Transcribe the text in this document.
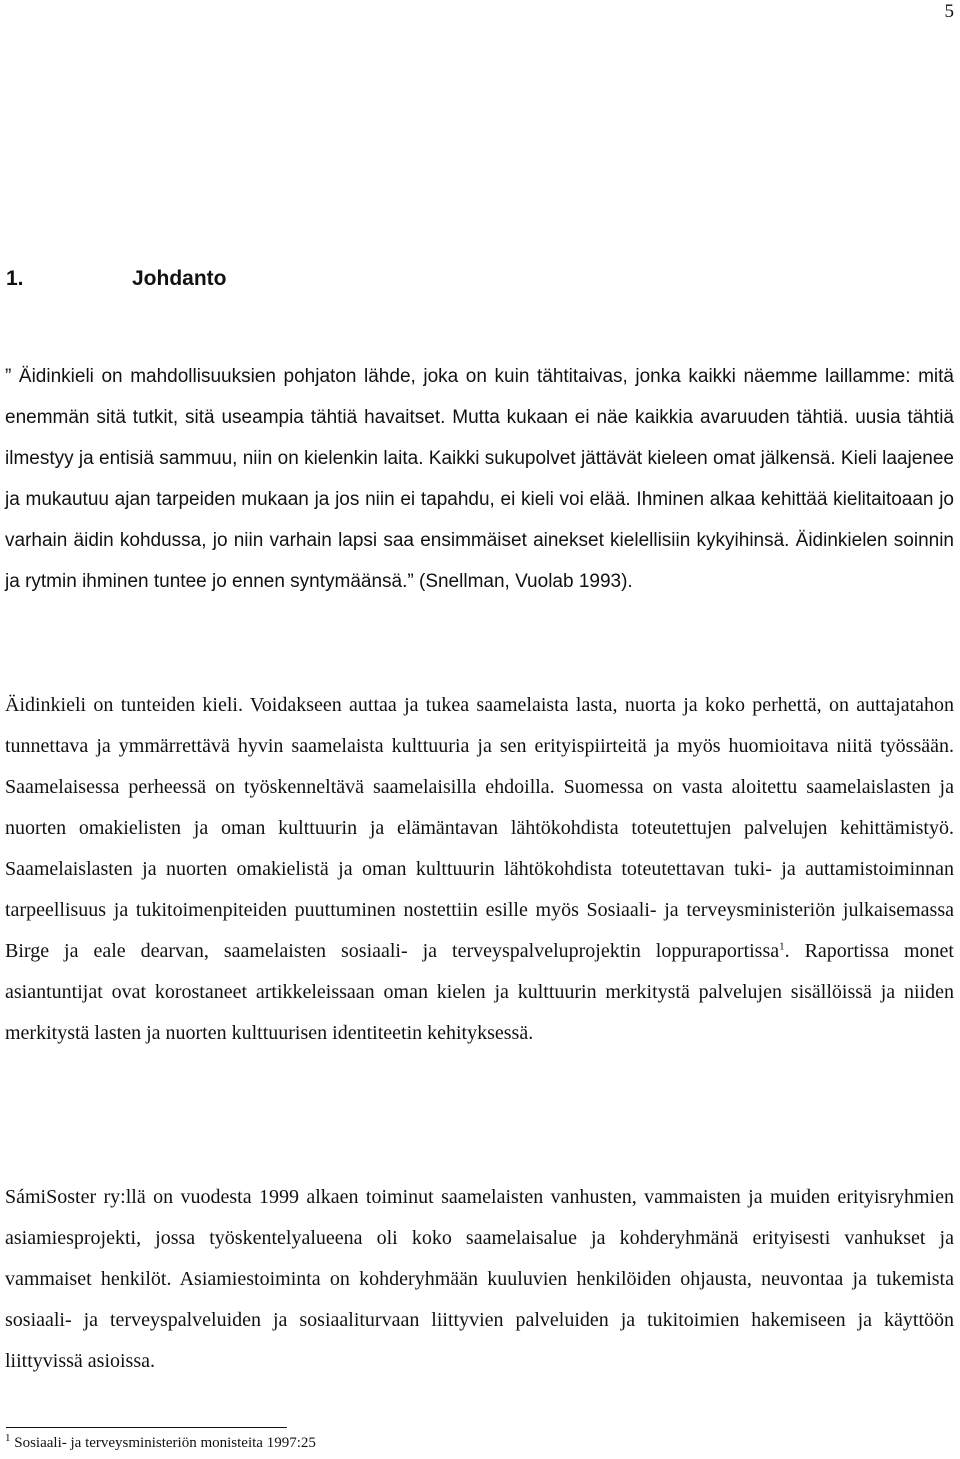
5
1.	Johdanto

” Äidinkieli on mahdollisuuksien pohjaton lähde, joka on kuin tähtitaivas, jonka kaikki näemme laillamme: mitä enemmän sitä tutkit, sitä useampia tähtiä havaitset. Mutta kukaan ei näe kaikkia avaruuden tähtiä. uusia tähtiä ilmestyy ja entisiä sammuu, niin on kielenkin laita. Kaikki sukupolvet jättävät kieleen omat jälkensä. Kieli laajenee ja mukautuu ajan tarpeiden mukaan ja jos niin ei tapahdu, ei kieli voi elää. Ihminen alkaa kehittää kielitaitoaan jo varhain äidin kohdussa, jo niin varhain lapsi saa ensimmäiset ainekset kielellisiin kykyihinsä. Äidinkielen soinnin ja rytmin ihminen tuntee jo ennen syntymäänsä.” (Snellman, Vuolab 1993).

Äidinkieli on tunteiden kieli. Voidakseen auttaa ja tukea saamelaista lasta, nuorta ja koko perhettä, on auttajatahon tunnettava ja ymmärrettävä hyvin saamelaista kulttuuria ja sen erityispiirteitä ja myös huomioitava niitä työssään. Saamelaisessa perheessä on työskenneltävä saamelaisilla ehdoilla. Suomessa on vasta aloitettu saamelaislasten ja nuorten omakielisten ja oman kulttuurin ja elämäntavan lähtökohdista toteutettujen palvelujen kehittämistyö. Saamelaislasten ja nuorten omakielistä ja oman kulttuurin lähtökohdista toteutettavan tuki- ja auttamistoiminnan tarpeellisuus ja tukitoimenpiteiden puuttuminen nostettiin esille myös Sosiaali- ja terveysministeriön julkaisemassa Birge ja eale dearvan, saamelaisten sosiaali- ja terveyspalveluprojektin loppuraportissa$^1$. Raportissa monet asiantuntijat ovat korostaneet artikkeleissaan oman kielen ja kulttuurin merkitystä palvelujen sisällöissä ja niiden merkitystä lasten ja nuorten kulttuurisen identiteetin kehityksessä.

SámiSoster ry:llä on vuodesta 1999 alkaen toiminut saamelaisten vanhusten, vammaisten ja muiden erityisryhmien asiamiesprojekti, jossa työskentelyalueena oli koko saamelaisalue ja kohderyhmänä erityisesti vanhukset ja vammaiset henkilöt. Asiamiestoiminta on kohderyhmään kuuluvien henkilöiden ohjausta, neuvontaa ja tukemista sosiaali- ja terveyspalveluiden ja sosiaaliturvaan liittyvien palveluiden ja tukitoimien hakemiseen ja käyttöön liittyvissä asioissa.

$^1$ Sosiaali- ja terveysministeriön monisteita 1997:25
